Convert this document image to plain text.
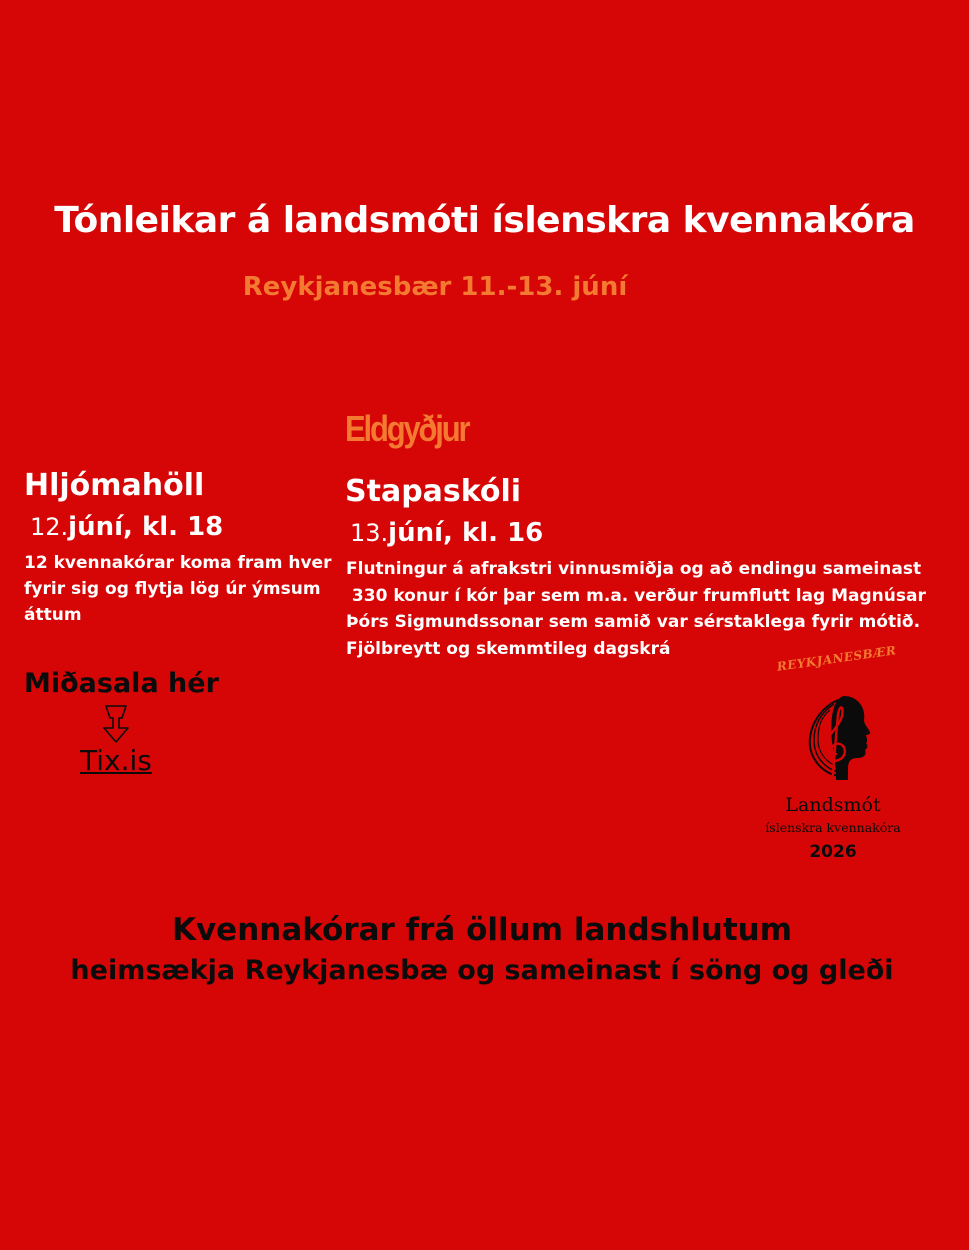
Tónleikar á landsmóti íslenskra kvennakóra
Reykjanesbær 11.-13. júní
Eldgyðjur
Hljómahöll
12.júní, kl. 18
12 kvennakórar koma fram hver fyrir sig og flytja lög úr ýmsum áttum
Stapaskóli
13.júní, kl. 16

Flutningur á afrakstri vinnusmiðja og að endingu sameinast

330 konur í kór þar sem m.a. verður frumflutt lag Magnúsar

Þórs Sigmundssonar sem samið var sérstaklega fyrir mótið.

Fjölbreytt og skemmtileg dagskrá

Miðasala hér
Tix.is
REYKJANESBÆR
Landsmót
íslenskra kvennakóra
2026
Kvennakórar frá öllum landshlutum
heimsækja Reykjanesbæ og sameinast í söng og gleði
